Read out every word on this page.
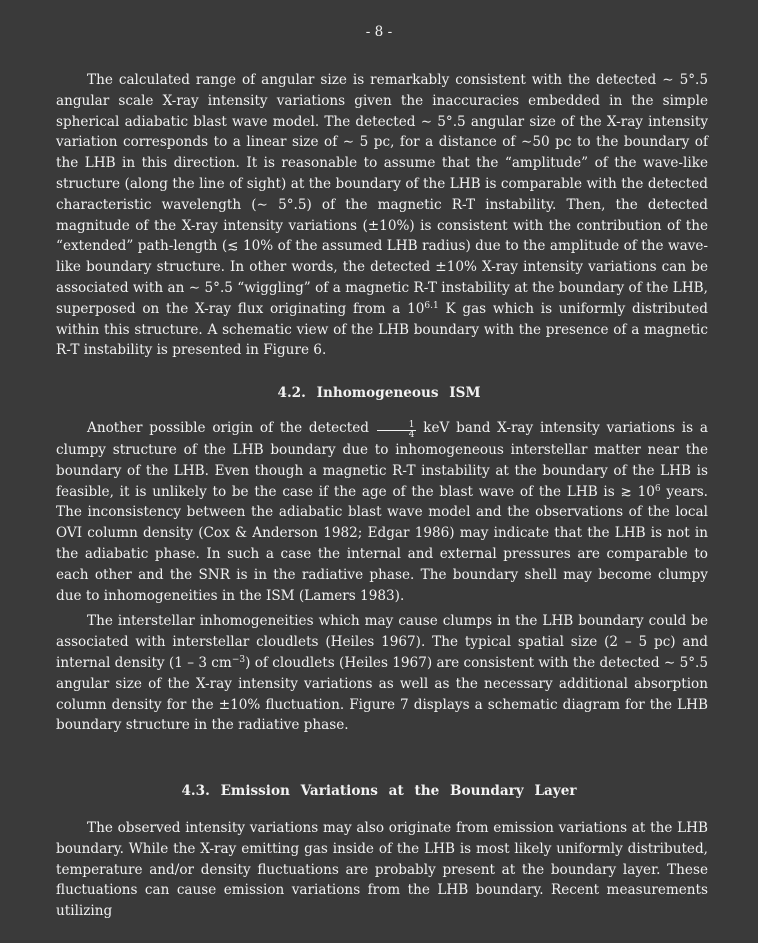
- 8 -

The calculated range of angular size is remarkably consistent with the detected ∼ 5°.5 angular scale X-ray intensity variations given the inaccuracies embedded in the simple spherical adiabatic blast wave model. The detected ∼ 5°.5 angular size of the X-ray intensity variation corresponds to a linear size of ∼ 5 pc, for a distance of ∼50 pc to the boundary of the LHB in this direction. It is reasonable to assume that the “amplitude” of the wave-like structure (along the line of sight) at the boundary of the LHB is comparable with the detected characteristic wavelength (∼ 5°.5) of the magnetic R-T instability. Then, the detected magnitude of the X-ray intensity variations (±10%) is consistent with the contribution of the “extended” path-length (≲ 10% of the assumed LHB radius) due to the amplitude of the wave-like boundary structure. In other words, the detected ±10% X-ray intensity variations can be associated with an ∼ 5°.5 “wiggling” of a magnetic R-T instability at the boundary of the LHB, superposed on the X-ray flux originating from a $10^{6.1}$ K gas which is uniformly distributed within this structure. A schematic view of the LHB boundary with the presence of a magnetic R-T instability is presented in Figure 6.

4.2. Inhomogeneous ISM

Another possible origin of the detected $\frac{1}{4}$ keV band X-ray intensity variations is a clumpy structure of the LHB boundary due to inhomogeneous interstellar matter near the boundary of the LHB. Even though a magnetic R-T instability at the boundary of the LHB is feasible, it is unlikely to be the case if the age of the blast wave of the LHB is ≳ $10^6$ years. The inconsistency between the adiabatic blast wave model and the observations of the local OVI column density (Cox & Anderson 1982; Edgar 1986) may indicate that the LHB is not in the adiabatic phase. In such a case the internal and external pressures are comparable to each other and the SNR is in the radiative phase. The boundary shell may become clumpy due to inhomogeneities in the ISM (Lamers 1983).

The interstellar inhomogeneities which may cause clumps in the LHB boundary could be associated with interstellar cloudlets (Heiles 1967). The typical spatial size (2 – 5 pc) and internal density (1 – 3 $cm^{-3}$) of cloudlets (Heiles 1967) are consistent with the detected ∼ 5°.5 angular size of the X-ray intensity variations as well as the necessary additional absorption column density for the ±10% fluctuation. Figure 7 displays a schematic diagram for the LHB boundary structure in the radiative phase.

4.3. Emission Variations at the Boundary Layer

The observed intensity variations may also originate from emission variations at the LHB boundary. While the X-ray emitting gas inside of the LHB is most likely uniformly distributed, temperature and/or density fluctuations are probably present at the boundary layer. These fluctuations can cause emission variations from the LHB boundary. Recent measurements utilizing
